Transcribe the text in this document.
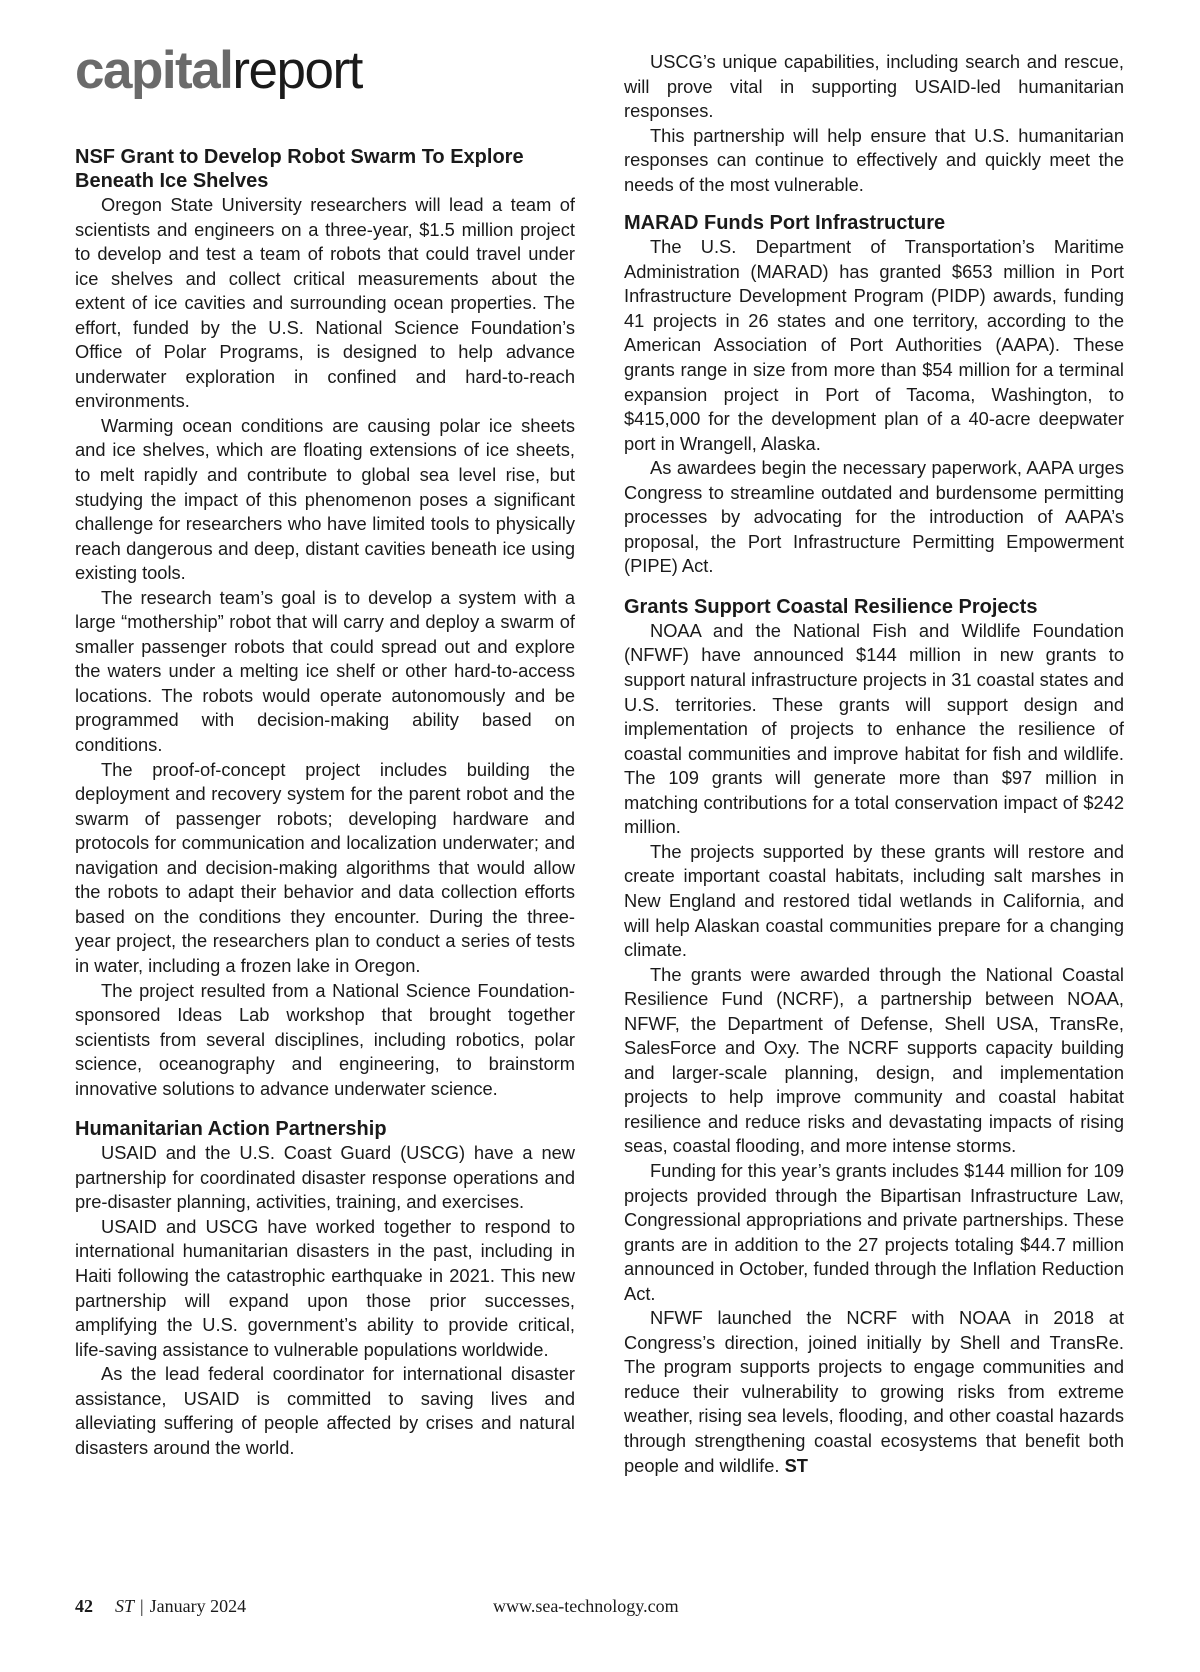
capitalreport
NSF Grant to Develop Robot Swarm To Explore Beneath Ice Shelves

Oregon State University researchers will lead a team of scientists and engineers on a three-year, $1.5 million project to develop and test a team of robots that could travel under ice shelves and collect critical measurements about the extent of ice cavities and surrounding ocean properties. The effort, funded by the U.S. National Science Foundation’s Office of Polar Programs, is designed to help advance underwater exploration in confined and hard-to-reach environments.

Warming ocean conditions are causing polar ice sheets and ice shelves, which are floating extensions of ice sheets, to melt rapidly and contribute to global sea level rise, but studying the impact of this phenomenon poses a significant challenge for researchers who have limited tools to physically reach dangerous and deep, distant cavities beneath ice using existing tools.

The research team’s goal is to develop a system with a large “mothership” robot that will carry and deploy a swarm of smaller passenger robots that could spread out and explore the waters under a melting ice shelf or other hard-to-access locations. The robots would operate autonomously and be programmed with decision-making ability based on conditions.

The proof-of-concept project includes building the deployment and recovery system for the parent robot and the swarm of passenger robots; developing hardware and protocols for communication and localization underwater; and navigation and decision-making algorithms that would allow the robots to adapt their behavior and data collection efforts based on the conditions they encounter. During the three-year project, the researchers plan to conduct a series of tests in water, including a frozen lake in Oregon.

The project resulted from a National Science Foundation-sponsored Ideas Lab workshop that brought together scientists from several disciplines, including robotics, polar science, oceanography and engineering, to brainstorm innovative solutions to advance underwater science.

Humanitarian Action Partnership

USAID and the U.S. Coast Guard (USCG) have a new partnership for coordinated disaster response operations and pre-disaster planning, activities, training, and exercises.

USAID and USCG have worked together to respond to international humanitarian disasters in the past, including in Haiti following the catastrophic earthquake in 2021. This new partnership will expand upon those prior successes, amplifying the U.S. government’s ability to provide critical, life-saving assistance to vulnerable populations worldwide.

As the lead federal coordinator for international disaster assistance, USAID is committed to saving lives and alleviating suffering of people affected by crises and natural disasters around the world.

USCG’s unique capabilities, including search and rescue, will prove vital in supporting USAID-led humanitarian responses.

This partnership will help ensure that U.S. humanitarian responses can continue to effectively and quickly meet the needs of the most vulnerable.

MARAD Funds Port Infrastructure

The U.S. Department of Transportation’s Maritime Administration (MARAD) has granted $653 million in Port Infrastructure Development Program (PIDP) awards, funding 41 projects in 26 states and one territory, according to the American Association of Port Authorities (AAPA). These grants range in size from more than $54 million for a terminal expansion project in Port of Tacoma, Washington, to $415,000 for the development plan of a 40-acre deepwater port in Wrangell, Alaska.

As awardees begin the necessary paperwork, AAPA urges Congress to streamline outdated and burdensome permitting processes by advocating for the introduction of AAPA’s proposal, the Port Infrastructure Permitting Empowerment (PIPE) Act.

Grants Support Coastal Resilience Projects

NOAA and the National Fish and Wildlife Foundation (NFWF) have announced $144 million in new grants to support natural infrastructure projects in 31 coastal states and U.S. territories. These grants will support design and implementation of projects to enhance the resilience of coastal communities and improve habitat for fish and wildlife. The 109 grants will generate more than $97 million in matching contributions for a total conservation impact of $242 million.

The projects supported by these grants will restore and create important coastal habitats, including salt marshes in New England and restored tidal wetlands in California, and will help Alaskan coastal communities prepare for a changing climate.

The grants were awarded through the National Coastal Resilience Fund (NCRF), a partnership between NOAA, NFWF, the Department of Defense, Shell USA, TransRe, SalesForce and Oxy. The NCRF supports capacity building and larger-scale planning, design, and implementation projects to help improve community and coastal habitat resilience and reduce risks and devastating impacts of rising seas, coastal flooding, and more intense storms.

Funding for this year’s grants includes $144 million for 109 projects provided through the Bipartisan Infrastructure Law, Congressional appropriations and private partnerships. These grants are in addition to the 27 projects totaling $44.7 million announced in October, funded through the Inflation Reduction Act.

NFWF launched the NCRF with NOAA in 2018 at Congress’s direction, joined initially by Shell and TransRe. The program supports projects to engage communities and reduce their vulnerability to growing risks from extreme weather, rising sea levels, flooding, and other coastal hazards through strengthening coastal ecosystems that benefit both people and wildlife. ST

42 ST | January 2024	www.sea-technology.com
